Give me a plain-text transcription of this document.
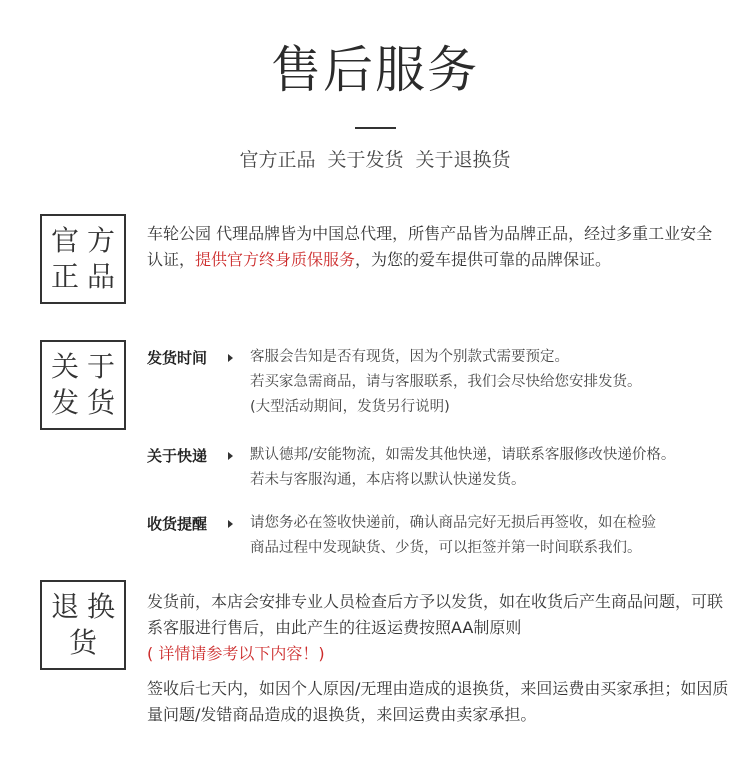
售后服务
官方正品 关于发货 关于退换货
官方
正品
车轮公园 代理品牌皆为中国总代理，所售产品皆为品牌正品，经过多重工业安全认证，提供官方终身质保服务，为您的爱车提供可靠的品牌保证。
关于
发货
发货时间	客服会告知是否有现货，因为个别款式需要预定。
若买家急需商品，请与客服联系，我们会尽快给您安排发货。
(大型活动期间，发货另行说明)
关于快递	默认德邦/安能物流，如需发其他快递，请联系客服修改快递价格。
若未与客服沟通，本店将以默认快递发货。
收货提醒	请您务必在签收快递前，确认商品完好无损后再签收，如在检验
商品过程中发现缺货、少货，可以拒签并第一时间联系我们。
退换
货
发货前，本店会安排专业人员检查后方予以发货，如在收货后产生商品问题，可联系客服进行售后，由此产生的往返运费按照AA制原则
( 详情请参考以下内容！)
签收后七天内，如因个人原因/无理由造成的退换货，来回运费由买家承担；如因质量问题/发错商品造成的退换货，来回运费由卖家承担。
